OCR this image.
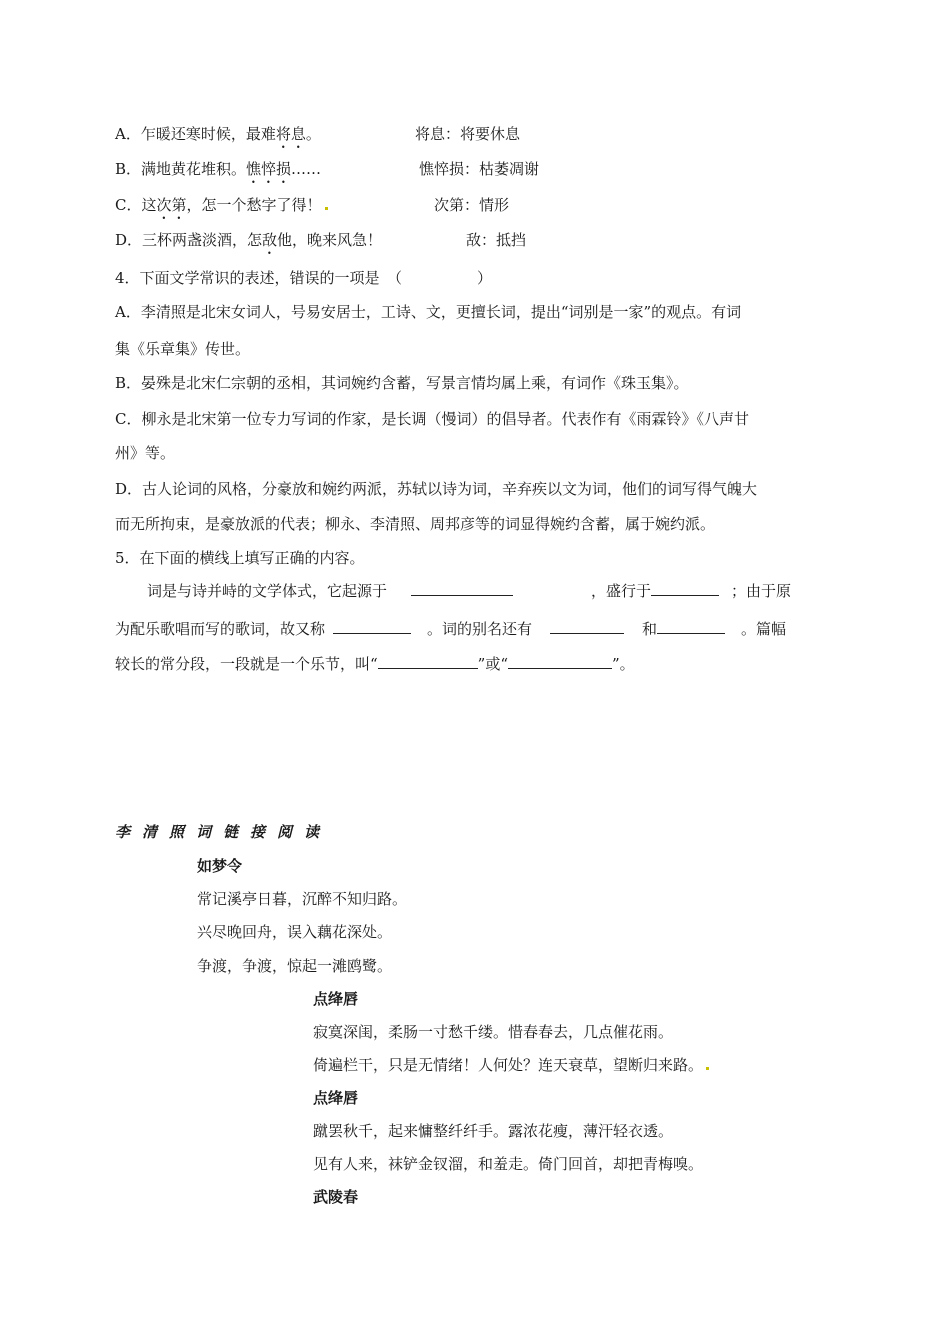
A．乍暖还寒时候，最难将息。	将息：将要休息
B．满地黄花堆积。憔悴损……	憔悴损：枯萎凋谢
C．这次第，怎一个愁字了得！	次第：情形
D．三杯两盏淡酒，怎敌他，晚来风急！	敌：抵挡
4．下面文学常识的表述，错误的一项是　（　　　　　）
A．李清照是北宋女词人，号易安居士，工诗、文，更擅长词，提出“词别是一家”的观点。有词
集《乐章集》传世。
B．晏殊是北宋仁宗朝的丞相，其词婉约含蓄，写景言情均属上乘，有词作《珠玉集》。
C．柳永是北宋第一位专力写词的作家，是长调（慢词）的倡导者。代表作有《雨霖铃》《八声甘
州》等。
D．古人论词的风格，分豪放和婉约两派，苏轼以诗为词，辛弃疾以文为词，他们的词写得气魄大
而无所拘束，是豪放派的代表；柳永、李清照、周邦彦等的词显得婉约含蓄，属于婉约派。
5．在下面的横线上填写正确的内容。
词是与诗并峙的文学体式，它起源于	，盛行于	；由于原
为配乐歌唱而写的歌词，故又称	。词的别名还有	和	。篇幅
较长的常分段，一段就是一个乐节，叫“	”或“	”。
李清照词链接阅读
如梦令
常记溪亭日暮，沉醉不知归路。
兴尽晚回舟，误入藕花深处。
争渡，争渡，惊起一滩鸥鹭。
点绛唇
寂寞深闺，柔肠一寸愁千缕。惜春春去，几点催花雨。
倚遍栏干，只是无情绪！人何处？连天衰草，望断归来路。
点绛唇
蹴罢秋千，起来慵整纤纤手。露浓花瘦，薄汗轻衣透。
见有人来，袜铲金钗溜，和羞走。倚门回首，却把青梅嗅。
武陵春
